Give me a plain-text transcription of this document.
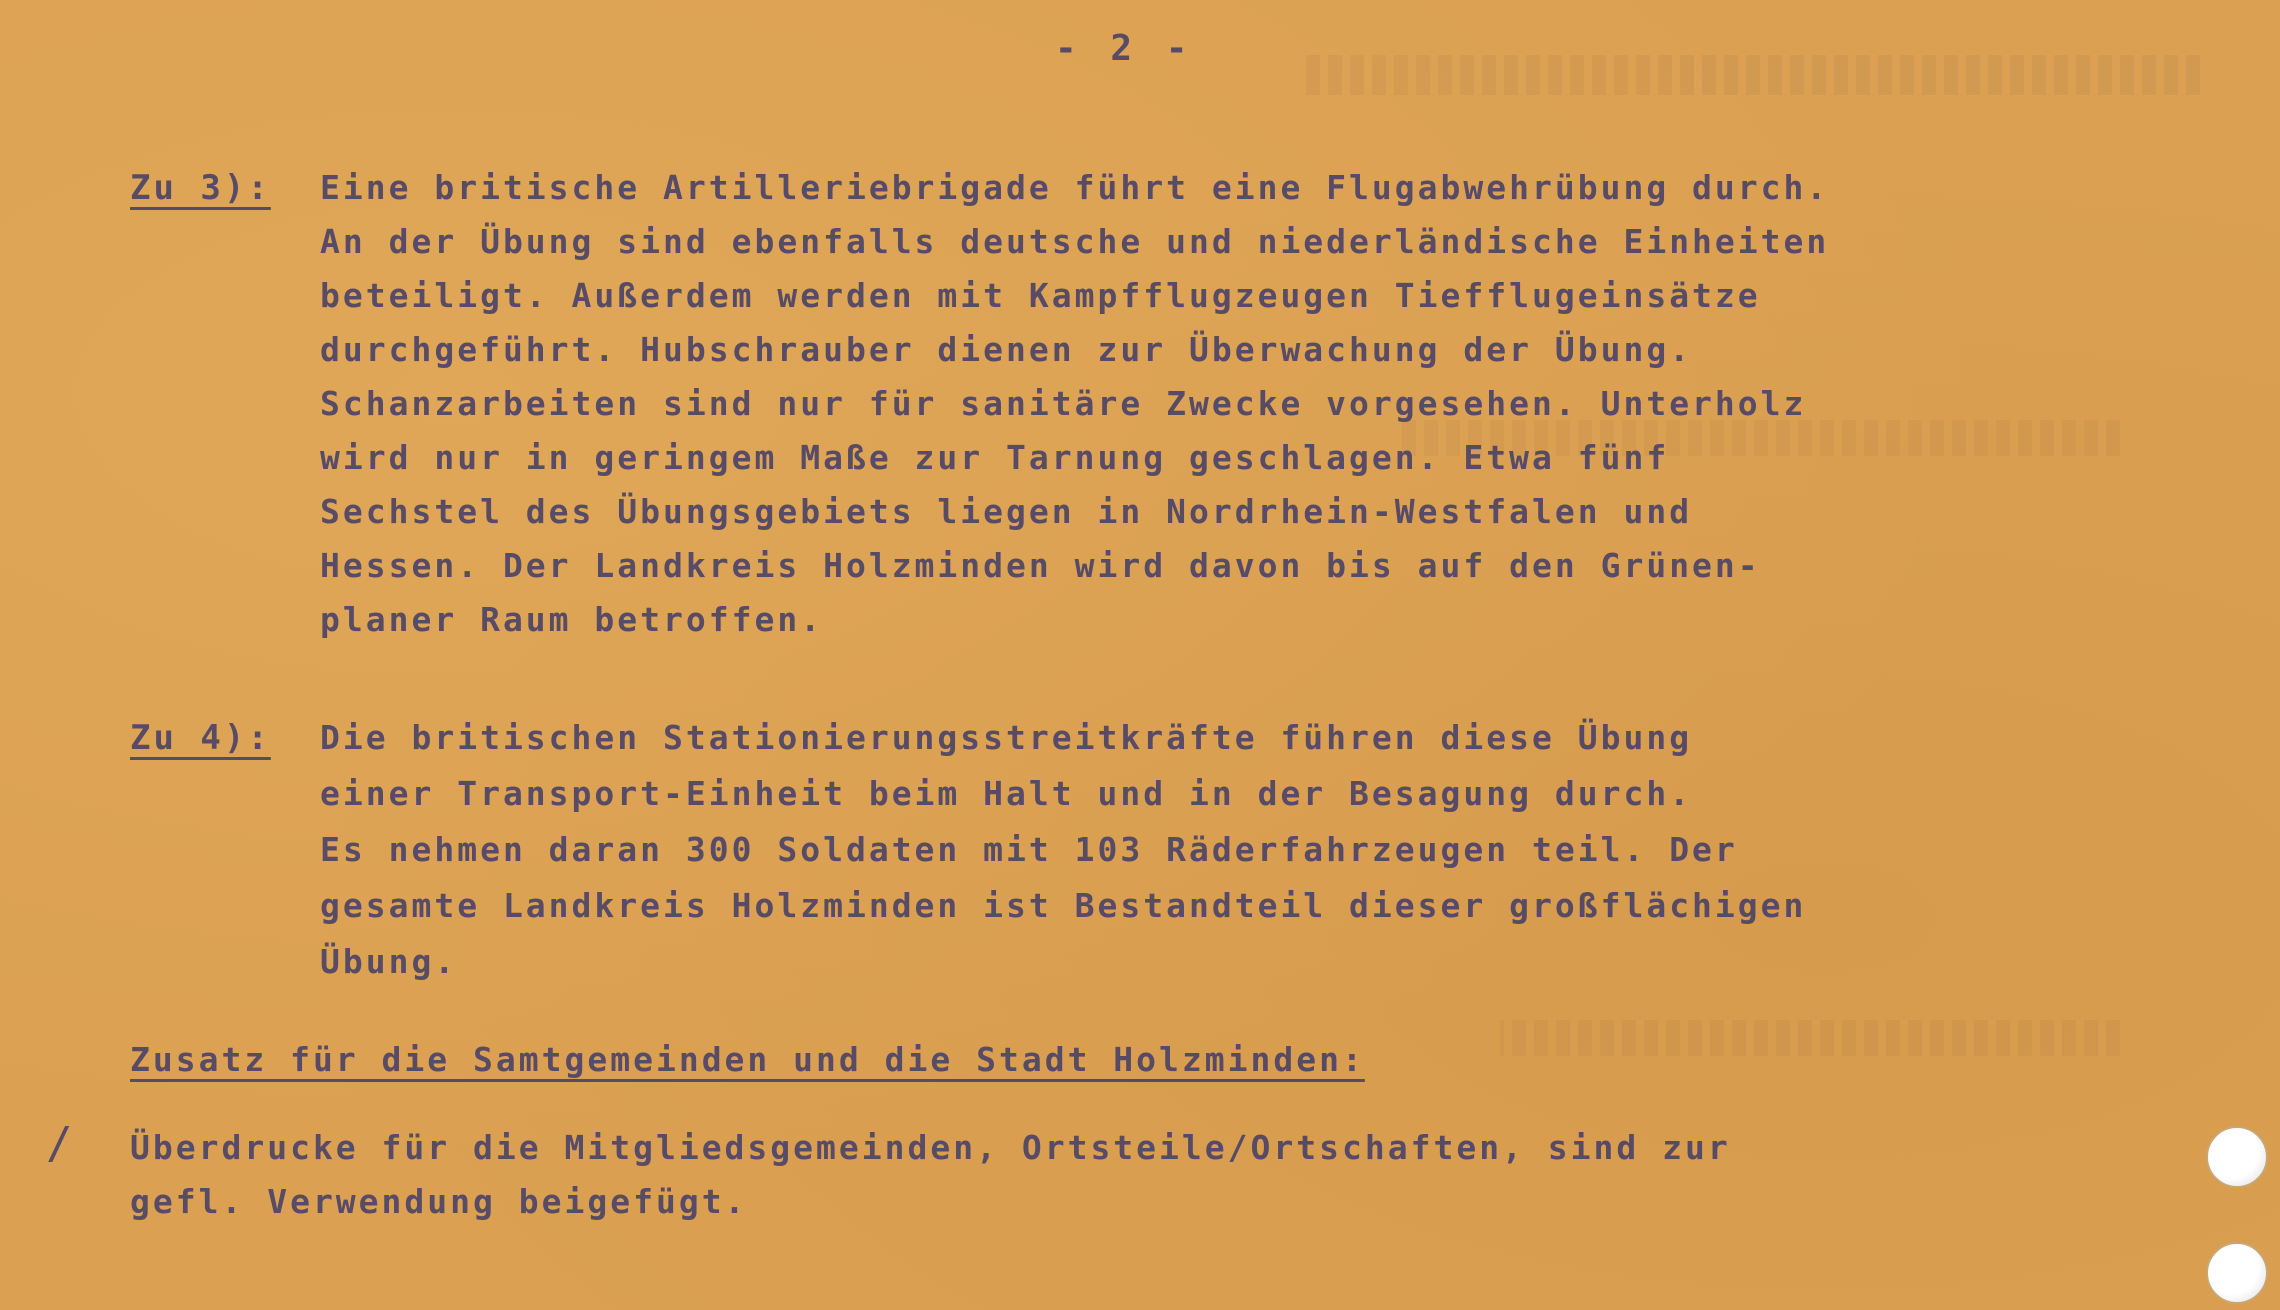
- 2 -

Zu 3): Eine britische Artilleriebrigade führt eine Flugabwehrübung durch.

An der Übung sind ebenfalls deutsche und niederländische Einheiten

beteiligt. Außerdem werden mit Kampfflugzeugen Tiefflugeinsätze

durchgeführt. Hubschrauber dienen zur Überwachung der Übung.

Schanzarbeiten sind nur für sanitäre Zwecke vorgesehen. Unterholz

wird nur in geringem Maße zur Tarnung geschlagen. Etwa fünf

Sechstel des Übungsgebiets liegen in Nordrhein-Westfalen und

Hessen. Der Landkreis Holzminden wird davon bis auf den Grünen-

planer Raum betroffen.

Zu 4): Die britischen Stationierungsstreitkräfte führen diese Übung

einer Transport-Einheit beim Halt und in der Besagung durch.

Es nehmen daran 300 Soldaten mit 103 Räderfahrzeugen teil. Der

gesamte Landkreis Holzminden ist Bestandteil dieser großflächigen

Übung.

Zusatz für die Samtgemeinden und die Stadt Holzminden:

/ Überdrucke für die Mitgliedsgemeinden, Ortsteile/Ortschaften, sind zur

gefl. Verwendung beigefügt.
